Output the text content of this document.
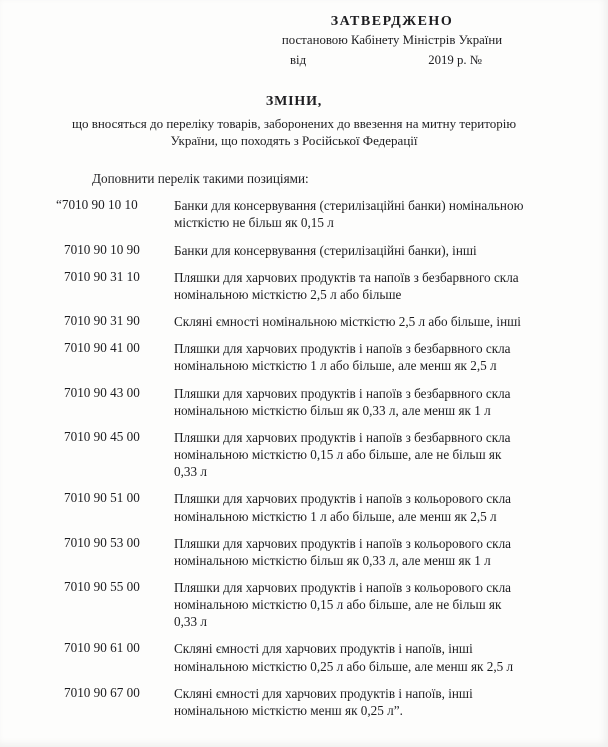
ЗАТВЕРДЖЕНО
постановою Кабінету Міністрів України
від	2019 р. №
ЗМІНИ,
що вносяться до переліку товарів, заборонених до ввезення на митну територію України, що походять з Російської Федерації

Доповнити перелік такими позиціями:

“7010 90 10 10	Банки для консервування (стерилізаційні банки) номінальною місткістю не більш як 0,15 л
7010 90 10 90	Банки для консервування (стерилізаційні банки), інші
7010 90 31 10	Пляшки для харчових продуктів та напоїв з безбарвного скла номінальною місткістю 2,5 л або більше
7010 90 31 90	Скляні ємності номінальною місткістю 2,5 л або більше, інші
7010 90 41 00	Пляшки для харчових продуктів і напоїв з безбарвного скла номінальною місткістю 1 л або більше, але менш як 2,5 л
7010 90 43 00	Пляшки для харчових продуктів і напоїв з безбарвного скла номінальною місткістю більш як 0,33 л, але менш як 1 л
7010 90 45 00	Пляшки для харчових продуктів і напоїв з безбарвного скла номінальною місткістю 0,15 л або більше, але не більш як 0,33 л
7010 90 51 00	Пляшки для харчових продуктів і напоїв з кольорового скла номінальною місткістю 1 л або більше, але менш як 2,5 л
7010 90 53 00	Пляшки для харчових продуктів і напоїв з кольорового скла номінальною місткістю більш як 0,33 л, але менш як 1 л
7010 90 55 00	Пляшки для харчових продуктів і напоїв з кольорового скла номінальною місткістю 0,15 л або більше, але не більш як 0,33 л
7010 90 61 00	Скляні ємності для харчових продуктів і напоїв, інші номінальною місткістю 0,25 л або більше, але менш як 2,5 л
7010 90 67 00	Скляні ємності для харчових продуктів і напоїв, інші номінальною місткістю менш як 0,25 л”.
